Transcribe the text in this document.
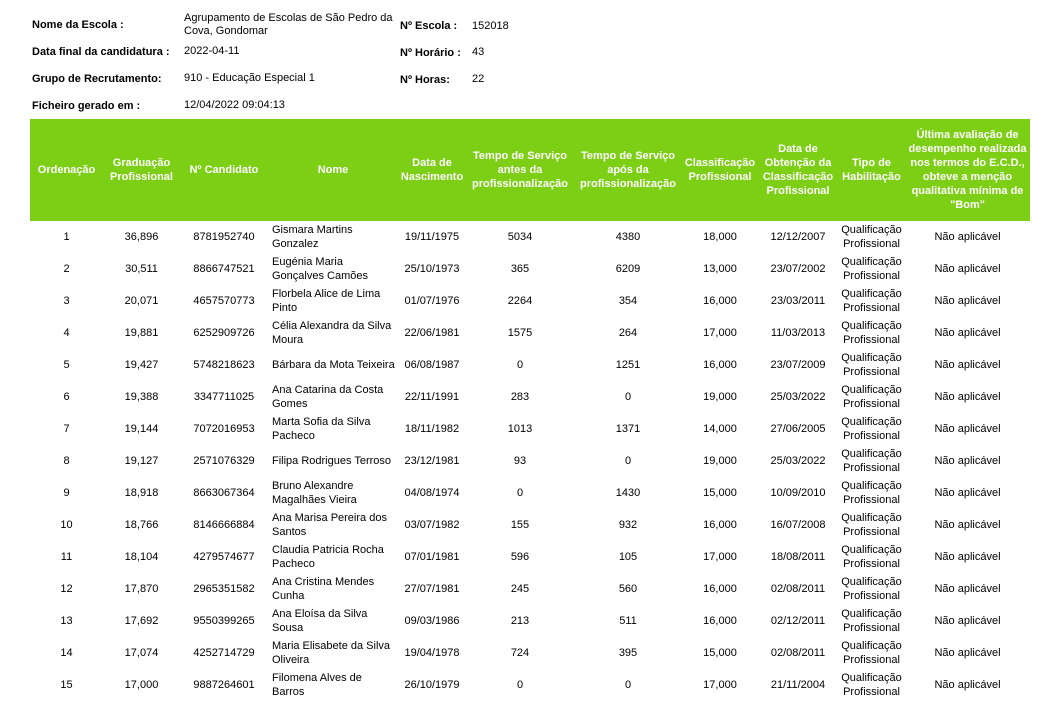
Nome da Escola :
Agrupamento de Escolas de São Pedro da Cova, Gondomar	Nº Escola : 152018
Data final da candidatura : 2022-04-11	Nº Horário : 43
Grupo de Recrutamento: 910 - Educação Especial 1	Nº Horas: 22
Ficheiro gerado em :	12/04/2022 09:04:13
Ordenação	Graduação Profissional	Nº Candidato	Nome	Data de Nascimento	Tempo de Serviço antes da profissionalização	Tempo de Serviço após da profissionalização	Classificação Profissional	Data de Obtenção da Classificação Profissional	Tipo de Habilitação	Última avaliação de desempenho realizada nos termos do E.C.D., obteve a menção qualitativa mínima de "Bom"

1	36,896	8781952740	Gismara Martins Gonzalez	19/11/1975	5034	4380	18,000	12/12/2007	Qualificação Profissional	Não aplicável

2	30,511	8866747521	Eugénia Maria Gonçalves Camões	25/10/1973	365	6209	13,000	23/07/2002	Qualificação Profissional	Não aplicável

3	20,071	4657570773	Florbela Alice de Lima Pinto	01/07/1976	2264	354	16,000	23/03/2011	Qualificação Profissional	Não aplicável

4	19,881	6252909726	Célia Alexandra da Silva Moura	22/06/1981	1575	264	17,000	11/03/2013	Qualificação Profissional	Não aplicável

5	19,427	5748218623	Bárbara da Mota Teixeira	06/08/1987	0	1251	16,000	23/07/2009	Qualificação Profissional	Não aplicável

6	19,388	3347711025	Ana Catarina da Costa Gomes	22/11/1991	283	0	19,000	25/03/2022	Qualificação Profissional	Não aplicável

7	19,144	7072016953	Marta Sofia da Silva Pacheco	18/11/1982	1013	1371	14,000	27/06/2005	Qualificação Profissional	Não aplicável

8	19,127	2571076329	Filipa Rodrigues Terroso	23/12/1981	93	0	19,000	25/03/2022	Qualificação Profissional	Não aplicável

9	18,918	8663067364	Bruno Alexandre Magalhães Vieira	04/08/1974	0	1430	15,000	10/09/2010	Qualificação Profissional	Não aplicável

10	18,766	8146666884	Ana Marisa Pereira dos Santos	03/07/1982	155	932	16,000	16/07/2008	Qualificação Profissional	Não aplicável

11	18,104	4279574677	Claudia Patricia Rocha Pacheco	07/01/1981	596	105	17,000	18/08/2011	Qualificação Profissional	Não aplicável

12	17,870	2965351582	Ana Cristina Mendes Cunha	27/07/1981	245	560	16,000	02/08/2011	Qualificação Profissional	Não aplicável

13	17,692	9550399265	Ana Eloísa da Silva Sousa	09/03/1986	213	511	16,000	02/12/2011	Qualificação Profissional	Não aplicável

14	17,074	4252714729	Maria Elisabete da Silva Oliveira	19/04/1978	724	395	15,000	02/08/2011	Qualificação Profissional	Não aplicável

15	17,000	9887264601	Filomena Alves de Barros	26/10/1979	0	0	17,000	21/11/2004	Qualificação Profissional	Não aplicável
